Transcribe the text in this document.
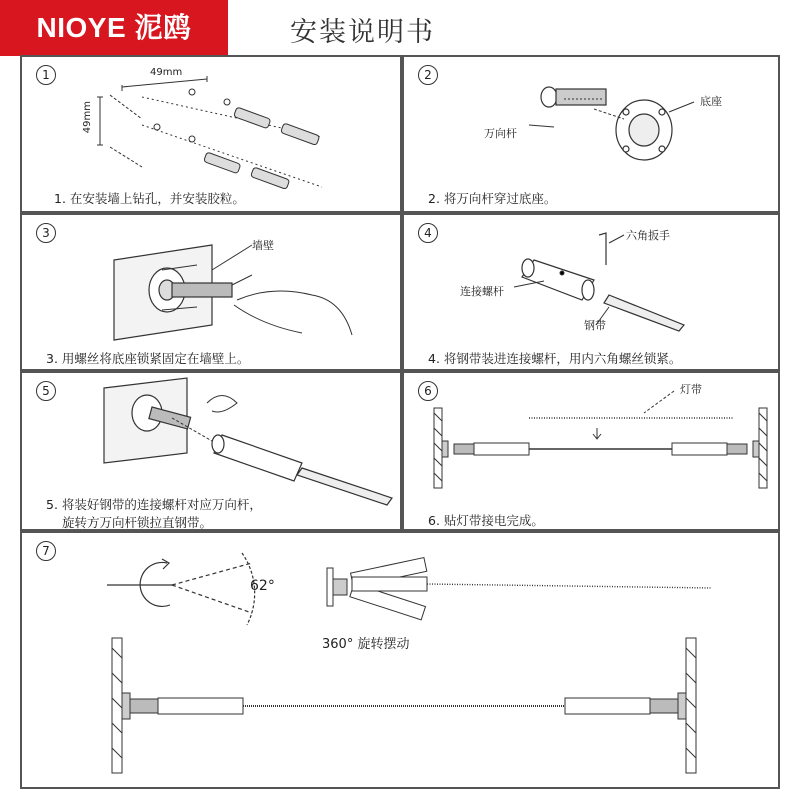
NIOYE 泥鸥	安装说明书
1	49mm
49mm
1. 在安装墙上钻孔，并安装胶粒。
2
万向杆
底座
2. 将万向杆穿过底座。
3
墙壁
3. 用螺丝将底座锁紧固定在墙壁上。
4	六角扳手
连接螺杆
钢带
4. 将钢带装进连接螺杆，用内六角螺丝锁紧。
5
5. 将装好钢带的连接螺杆对应万向杆，
旋转方万向杆锁拉直钢带。
6	灯带
6. 贴灯带接电完成。
7
62°
360° 旋转摆动
